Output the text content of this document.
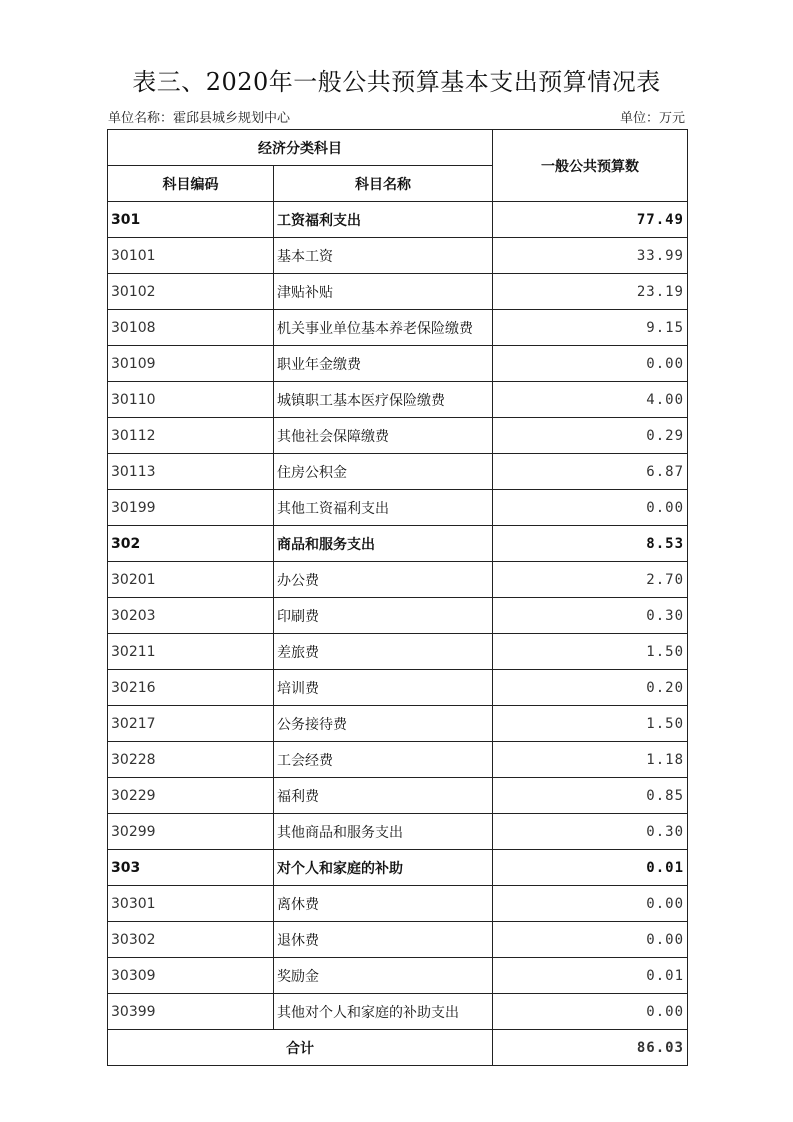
表三、2020年一般公共预算基本支出预算情况表
单位名称：霍邱县城乡规划中心	单位：万元
经济分类科目		一般公共预算数
科目编码	科目名称	
301	工资福利支出	77.49
30101	基本工资	33.99
30102	津贴补贴	23.19
30108	机关事业单位基本养老保险缴费	9.15
30109	职业年金缴费	0.00
30110	城镇职工基本医疗保险缴费	4.00
30112	其他社会保障缴费	0.29
30113	住房公积金	6.87
30199	其他工资福利支出	0.00
302	商品和服务支出	8.53
30201	办公费	2.70
30203	印刷费	0.30
30211	差旅费	1.50
30216	培训费	0.20
30217	公务接待费	1.50
30228	工会经费	1.18
30229	福利费	0.85
30299	其他商品和服务支出	0.30
303	对个人和家庭的补助	0.01
30301	离休费	0.00
30302	退休费	0.00
30309	奖励金	0.01
30399	其他对个人和家庭的补助支出	0.00
合计		86.03
